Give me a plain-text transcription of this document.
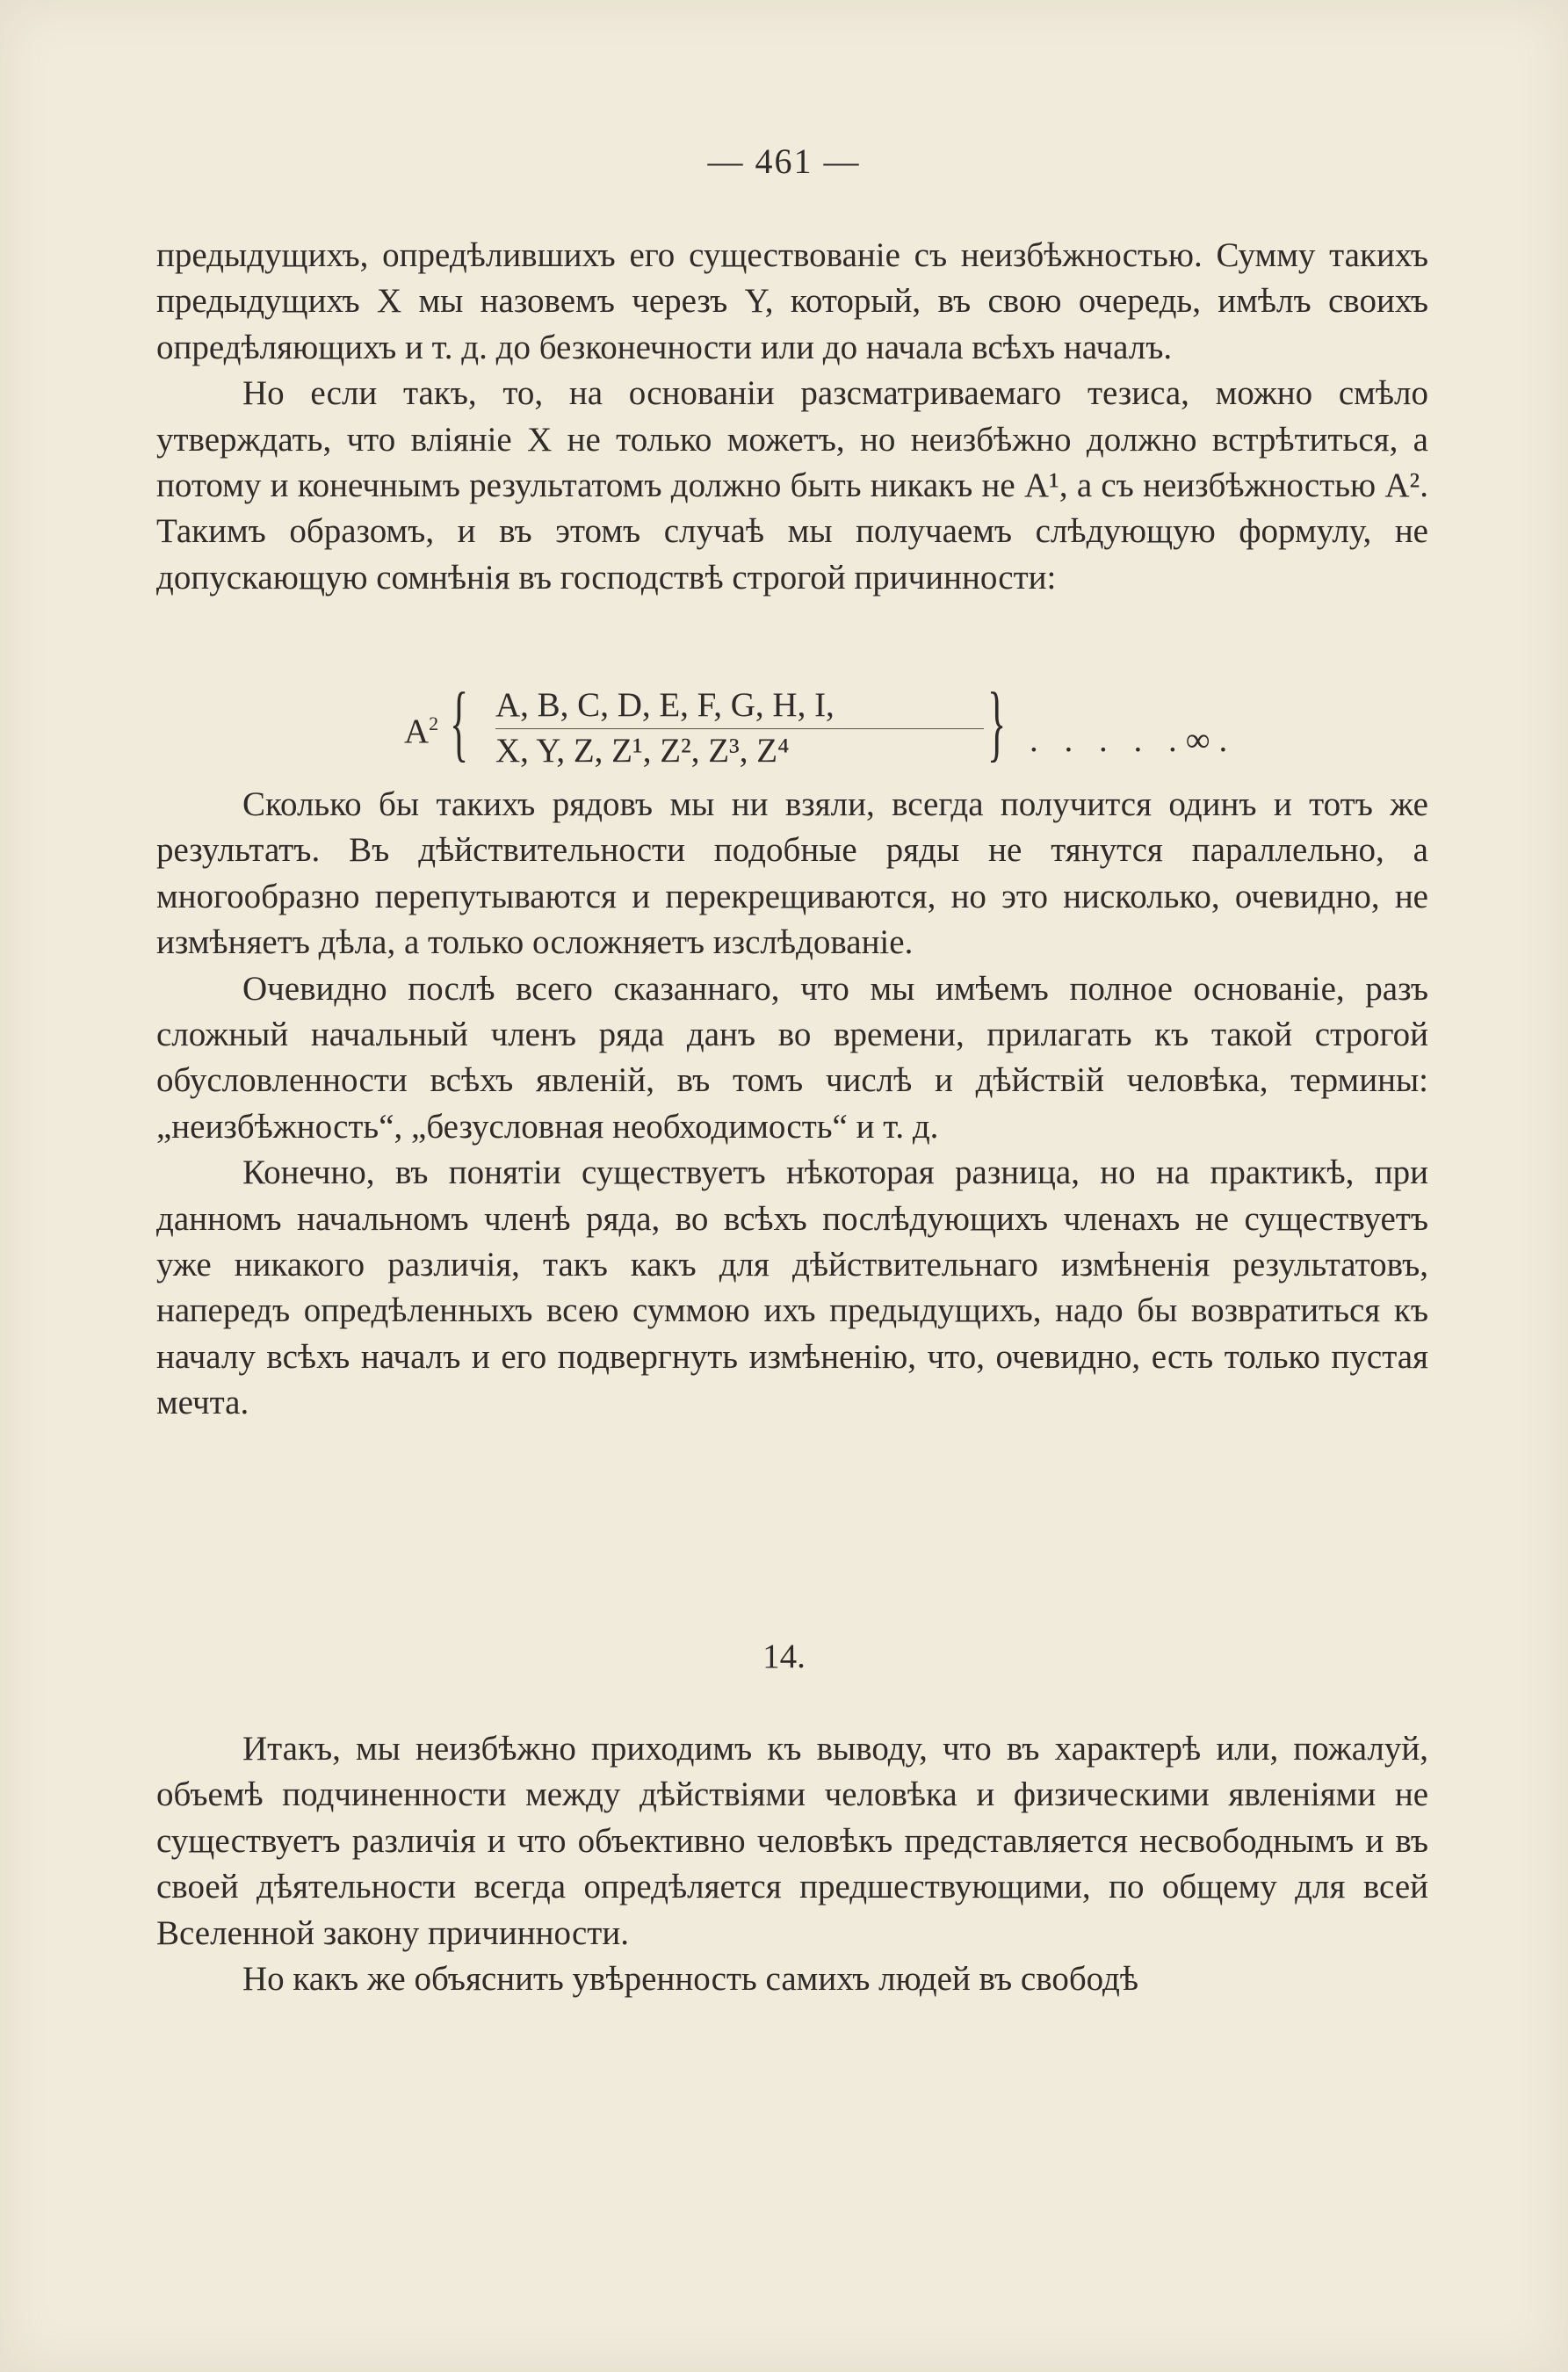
— 461 —

предыдущихъ, опредѣлившихъ его существованіе съ неизбѣжностью. Сумму такихъ предыдущихъ X мы назовемъ черезъ Y, который, въ свою очередь, имѣлъ своихъ опредѣляющихъ и т. д. до безконечности или до начала всѣхъ началъ.

Но если такъ, то, на основаніи разсматриваемаго тезиса, можно смѣло утверждать, что вліяніе X не только можетъ, но неизбѣжно должно встрѣтиться, а потому и конечнымъ результатомъ должно быть никакъ не A¹, а съ неизбѣжностью A². Такимъ образомъ, и въ этомъ случаѣ мы получаемъ слѣдующую формулу, не допускающую сомнѣнія въ господствѣ строгой причинности:

$A^2$ { A, B, C, D, E, F, G, H, I,
X, Y, Z, Z¹, Z², Z³, Z⁴ } . . . . .∞.

Сколько бы такихъ рядовъ мы ни взяли, всегда получится одинъ и тотъ же результатъ. Въ дѣйствительности подобные ряды не тянутся параллельно, а многообразно перепутываются и перекрещиваются, но это нисколько, очевидно, не измѣняетъ дѣла, а только осложняетъ изслѣдованіе.

Очевидно послѣ всего сказаннаго, что мы имѣемъ полное основаніе, разъ сложный начальный членъ ряда данъ во времени, прилагать къ такой строгой обусловленности всѣхъ явленій, въ томъ числѣ и дѣйствій человѣка, термины: „неизбѣжность“, „безусловная необходимость“ и т. д.

Конечно, въ понятіи существуетъ нѣкоторая разница, но на практикѣ, при данномъ начальномъ членѣ ряда, во всѣхъ послѣдующихъ членахъ не существуетъ уже никакого различія, такъ какъ для дѣйствительнаго измѣненія результатовъ, напередъ опредѣленныхъ всею суммою ихъ предыдущихъ, надо бы возвратиться къ началу всѣхъ началъ и его подвергнуть измѣненію, что, очевидно, есть только пустая мечта.

14.

Итакъ, мы неизбѣжно приходимъ къ выводу, что въ характерѣ или, пожалуй, объемѣ подчиненности между дѣйствіями человѣка и физическими явленіями не существуетъ различія и что объективно человѣкъ представляется несвободнымъ и въ своей дѣятельности всегда опредѣляется предшествующими, по общему для всей Вселенной закону причинности.

Но какъ же объяснить увѣренность самихъ людей въ свободѣ
